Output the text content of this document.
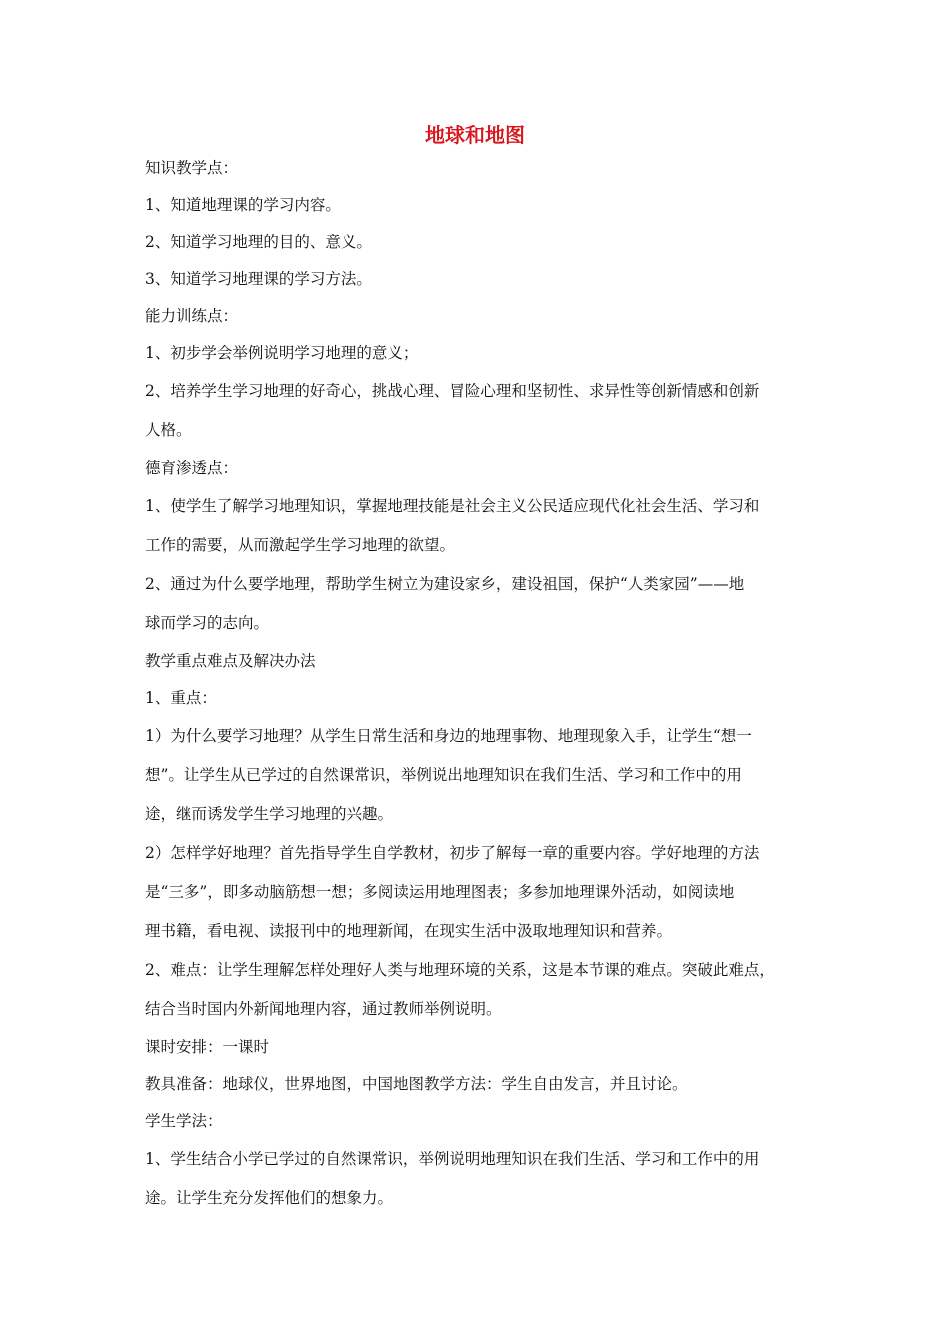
地球和地图

知识教学点：

1、知道地理课的学习内容。

2、知道学习地理的目的、意义。

3、知道学习地理课的学习方法。

能力训练点：

1、初步学会举例说明学习地理的意义；

2、培养学生学习地理的好奇心，挑战心理、冒险心理和坚韧性、求异性等创新情感和创新

人格。

德育渗透点：

1、使学生了解学习地理知识，掌握地理技能是社会主义公民适应现代化社会生活、学习和

工作的需要，从而激起学生学习地理的欲望。

2、通过为什么要学地理，帮助学生树立为建设家乡，建设祖国，保护“人类家园”——地

球而学习的志向。

教学重点难点及解决办法

1、重点：

1）为什么要学习地理？从学生日常生活和身边的地理事物、地理现象入手，让学生“想一

想”。让学生从已学过的自然课常识，举例说出地理知识在我们生活、学习和工作中的用

途，继而诱发学生学习地理的兴趣。

2）怎样学好地理？首先指导学生自学教材，初步了解每一章的重要内容。学好地理的方法

是“三多”，即多动脑筋想一想；多阅读运用地理图表；多参加地理课外活动，如阅读地

理书籍，看电视、读报刊中的地理新闻，在现实生活中汲取地理知识和营养。

2、难点：让学生理解怎样处理好人类与地理环境的关系，这是本节课的难点。突破此难点，

结合当时国内外新闻地理内容，通过教师举例说明。

课时安排：一课时

教具准备：地球仪，世界地图，中国地图教学方法：学生自由发言，并且讨论。

学生学法：

1、学生结合小学已学过的自然课常识，举例说明地理知识在我们生活、学习和工作中的用

途。让学生充分发挥他们的想象力。
